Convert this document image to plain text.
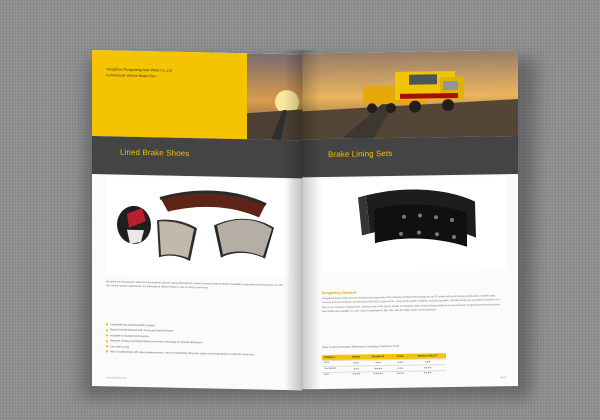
Hangzhou Rongsheng Auto Parts Co.,Ltd
Commercial Vehicle Brake Part
Lined Brake Shoes
All shoes are the premium selection from material and are critical dimensional controls to ensure ease of fitment. Available in standard and first oversize, to meet 400 vehicle specific applications. It's advisable to replace shoes in sets to ensure even wear.
Lined With Non Asbestos(NAO) material
Radius Ground Matched Sets To Ensure Ease Of Fitment
Available In Standard And Oversize
Adhesive riveting processing optimizes rivet size and shape for superior attachment
Cam roller & Axle
New E coated shoes with spare welded process. Correct concentricity allows the center of the brake shoe to contact the drum first.
www.rshbrake.com
Brake Lining Sets
Rongsheng Standard
Rongsheng brake linings sets are manufactured using state of the Asbestos free(NAO) technology and are TP tested with good braking performance, excellent fade, recovery and wear behavior, and all meets FMVSS121 requirements. They provide stable, noiseless and quiet operation. All brake lining sets are packed 2 sets/box or 4 sets as per customers requirements. Standard sets of OE spec in excess of 40,000km under normal driving conditions can be expected. Rongsheng Commercial vehicle drum brake sets available in a wide range of applications: 18K, 22K, 23K and higher grade can be achieved.
Major Friction Formulation Performance Comparison Reference Chart
FORMULA	BRAKE	WEARRATE	NOISE	BRAKE STABILITY
Semi	★★★	★★★	★★★	★★★
Low Metallic	★★★	★★★★	★★★	★★★★
NAO	★★★★	★★★★★	★★★★	★★★★
05-06
